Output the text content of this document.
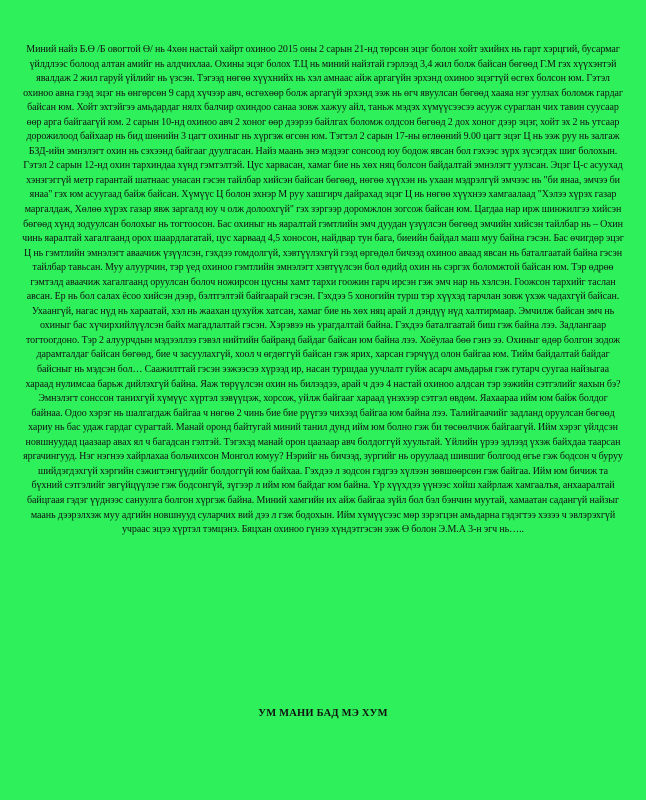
Миний найз Б.Ө /Б овогтой Ө/ нь 4хөн настай хайрт охиноо 2015 оны 2 сарын 21-нд төрсөн эцэг болон хойт эхийнх нь гарт хэрцгий, бусармаг үйлдлээс болоод алтан амийг нь алдчихлаа. Охины эцэг болох Т.Ц нь миний найзтай гэрлээд 3,4 жил болж байсан бөгөөд Г.М гэх хүүхэнтэй явалдаж 2 жил гаруй үйлийг нь үзсэн. Тэгээд нөгөө хүүхнийх нь хэл амнаас айж аргагүйн эрхэнд охиноо эцэгтүй өсгөх болсон юм. Гэтэл охиноо авна гээд эцэг нь өнгөрсөн 9 сард хүчээр авч, өсгөхөөр болж аргагүй эрхэнд ээж нь өгч явуулсан бөгөөд хааяа нэг уулзах боломж гардаг байсан юм. Хойт эхтэйгээ амьдардаг нялх балчир охиндоо санаа зовж хажуу айл, таньж мэдэх хүмүүсээсээ асууж сураглан чих тавин суусаар өөр арга байгаагүй юм. 2 сарын 10-нд охиноо авч 2 хоног өөр дээрээ байлгах боломж олдсон бөгөөд 2 дох хоног дээр эцэг, хойт эх 2 нь утсаар дорожилоод байхаар нь бид шөнийн 3 цагт охиныг нь хүргэж өгсөн юм. Тэгтэл 2 сарын 17-ны өглөөний 9.00 цагт эцэг Ц нь ээж руу нь залгаж БЗД-ийн эмнэлэгт охин нь сэхээнд байгааг дуулгасан. Найз маань энэ мэдээг сонсоод юу бодож явсан бол гэхээс зүрх зүсэгдэх шиг болохын. Гэтэл 2 сарын 12-нд охин тархиндаа хүнд гэмтэлтэй. Цус харвасан, хамаг бие нь хөх няц болсон байдалтай эмнэлэгт уулзсан. Эцэг Ц-с асуухад хэнэгэггүй метр гарантай шатнаас унасан гэсэн тайлбар хийсэн байсан бөгөөд, нөгөө хүүхэн нь ухаан мэдрэлгүй эмчээс нь "би янаа, эмчээ би янаа" гэх юм асуугаад байж байсан. Хүмүүс Ц болон эхнэр М руу хашгирч дайрахад эцэг Ц нь нөгөө хүүхнээ хамгаалаад "Хэлээ хүрэх газар маргалдаж, Хөлөө хүрэх газар явж заргалд юу ч олж долоохгүй" гэх зэргээр доромжлон зогсож байсан юм. Цагдаа нар ирж шинжилгээ хийсэн бөгөөд хүнд зодуулсан болохыг нь тогтоосон. Бас охиныг нь яаралтай гэмтлийн эмч дуудан үзүүлсэн бөгөөд эмчийн хийсэн тайлбар нь – Охин чинь яаралтай хагалгаанд орох шаардлагатай, цус харваад 4,5 хоносон, найдвар тун бага, биеийн байдал маш муу байна гэсэн. Бас өчигдөр эцэг Ц нь гэмтлийн эмнэлэгт аваачиж үзүүлсэн, гэхдээ гомдолгүй, хэвтүүлэхгүй гээд өргөдөл бичээд охиноо аваад явсан нь баталгаатай байна гэсэн тайлбар тавьсан. Муу алуурчин, тэр үед охиноо гэмтлийн эмнэлэгт хэвтүүлсэн бол өдийд охин нь сэргэх боломжтой байсан юм. Тэр өдрөө гэмтэлд аваачиж хагалгаанд оруулсан болоч ножирсон цусны хамт тархи гоожин гарч ирсэн гэж эмч нар нь хэлсэн. Гоожсон тархийг таслан авсан. Ер нь бол салах ёсоо хийсэн дээр, бэлтгэлтэй байгаарай гэсэн. Гэхдээ 5 хоногийн турш тэр хүүхэд тарчлан зовж үхэж чадахгүй байсан. Ухаангүй, нагас нүд нь хараатай, хэл нь жаахан цухуйж хатсан, хамаг бие нь хөх няц арай л дэндүү нүд халтирмаар. Эмчилж байсан эмч нь охиныг бас хүчирхийлүүлсэн байх магадлалтай гэсэн. Хэрэвээ нь урагдалтай байна. Гэхдээ баталгаатай биш гэж байна лээ. Задлангаар тогтоогдоно. Тэр 2 алуурчдын мэдээллээ гэвэл нийтийн байранд байдаг байсан юм байна лээ. Хоёулаа бөө гэнэ ээ. Охиныг өдөр болгон зодож дарамталдаг байсан бөгөөд, бие ч засуулахгүй, хоол ч өгдөггүй байсан гэж ярих, харсан гэрчүүд олон байгаа юм. Тийм байдалтай байдаг байсныг нь мэдсэн бол… Саажилттай гэсэн ээжээсээ хүрээд ир, насан туршдаа уучлалт гуйж асарч амьдарья гэж гутарч суугаа найзыгаа хараад нулимсаа барьж дийлэхгүй байна. Яаж төрүүлсэн охин нь билээдээ, арай ч дээ 4 настай охиноо алдсан тэр ээжийн сэтгэлийг яахын бэ? Эмнэлэгт сонссон танихгүй хүмүүс хүртэл зэвүүцэж, хорсож, уйлж байгааг хараад үнэхээр сэтгэл өвдөм. Яахаараа ийм юм байж болдог байнаа. Одоо хэрэг нь шалгагдаж байгаа ч нөгөө 2 чинь бие бие рүүгээ чихээд байгаа юм байна лээ. Талийгаачийг задланд оруулсан бөгөөд хариу нь бас удаж гардаг сурагтай. Манай оронд байтугай миний танил дунд ийм юм болно гэж би төсөөлчиж байгаагүй. Ийм хэрэг үйлдсэн новшнуудад цаазаар авах ял ч багадсан гэлтэй. Тэгэхэд манай орон цаазаар авч болдоггүй хуультай. Үйлийн үрээ эдлээд үхэж байхдаа таарсан яргачингууд. Нэг нэгнээ хайрлахаа больчихсон Монгол юмуу? Нэрийг нь бичээд, зургийг нь оруулаад шившиг болгоод өгье гэж бодсон ч буруу шийдэгдэхгүй хэргийн сэжигтэнгүүдийг болдоггүй юм байхаа. Гэхдээ л зодсон гэдгээ хүлээн зөвшөөрсөн гэж байгаа. Ийм юм бичиж та бүхний сэтгэлийг эвгүйцүүлэе гэж бодсонгүй, зүгээр л ийм юм байдаг юм байна. Үр хүүхдээ үүнээс хойш хайрлаж хамгаалъя, анхааралтай байцгаая гэдэг үүднээс сануулга болгон хүргэж байна. Миний хамгийн их айж байгаа зүйл бол бэл бэнчин муутай, хамаатан садангүй найзыг маань дээрэлхэж муу адгийн новшнууд суларчих вий дээ л гэж бодохын. Ийм хүмүүсээс мөр зэрэгцэн амьдарна гэдэгтээ хэзээ ч эвлэрэхгүй учраас эцээ хүртэл тэмцэнэ. Бяцхан охиноо гүнээ хүндэтгэсэн ээж Ө болон Э.М.А 3-н эгч нь…..

УМ МАНИ БАД МЭ ХУМ
